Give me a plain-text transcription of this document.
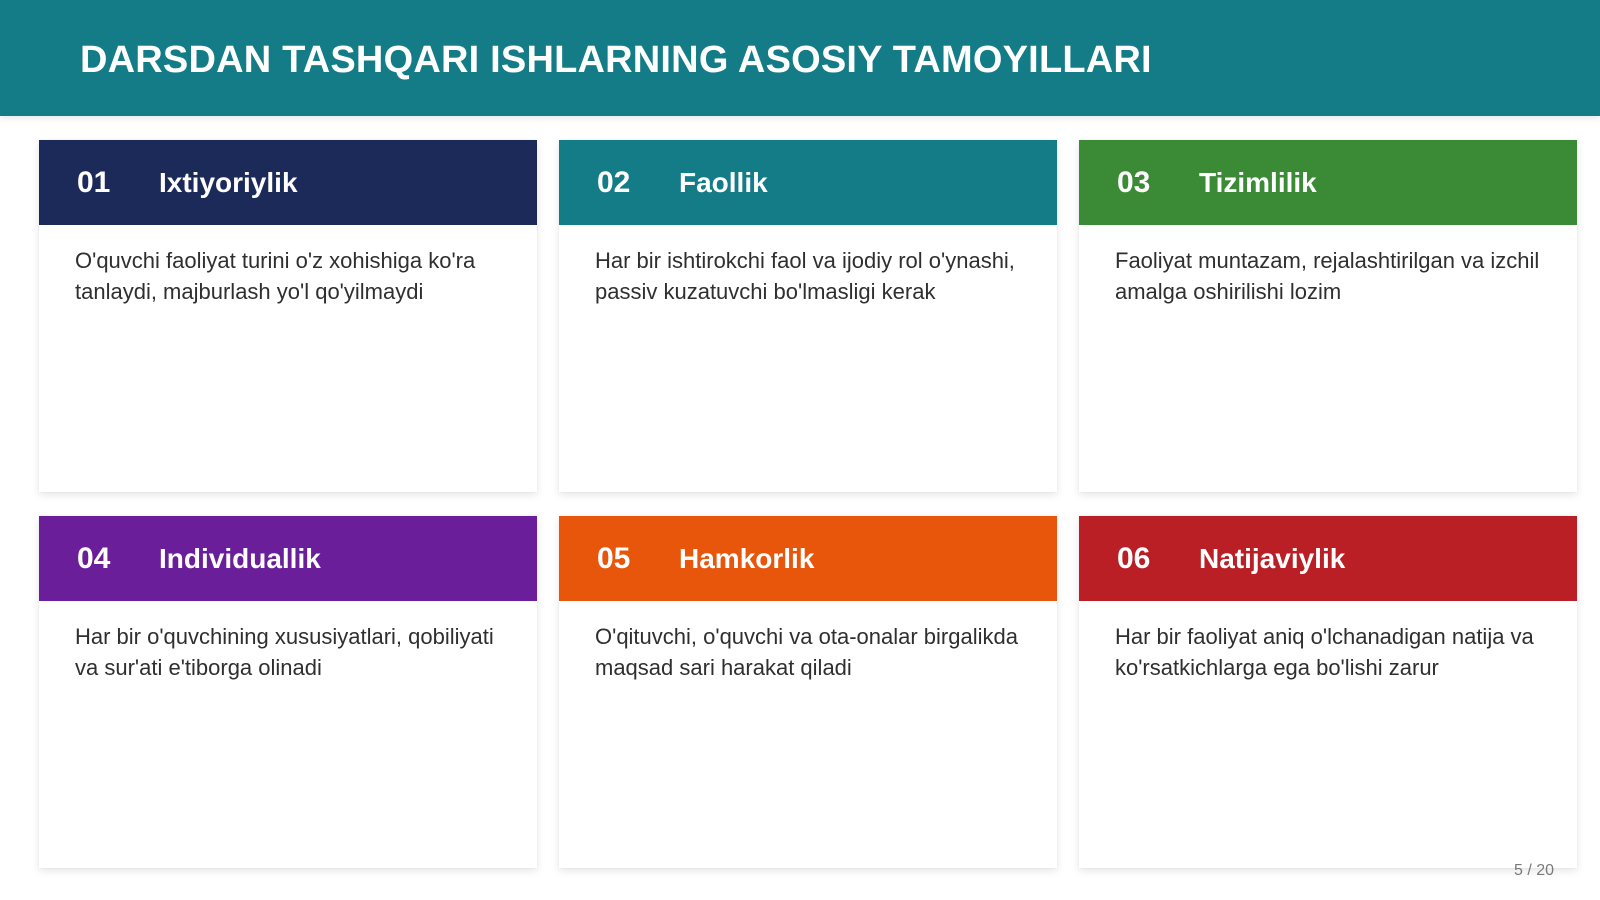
DARSDAN TASHQARI ISHLARNING ASOSIY TAMOYILLARI
01	Ixtiyoriylik
O'quvchi faoliyat turini o'z xohishiga ko'ra tanlaydi, majburlash yo'l qo'yilmaydi
02	Faollik
Har bir ishtirokchi faol va ijodiy rol o'ynashi, passiv kuzatuvchi bo'lmasligi kerak
03	Tizimlilik
Faoliyat muntazam, rejalashtirilgan va izchil amalga oshirilishi lozim
04	Individuallik
Har bir o'quvchining xususiyatlari, qobiliyati va sur'ati e'tiborga olinadi
05	Hamkorlik
O'qituvchi, o'quvchi va ota-onalar birgalikda maqsad sari harakat qiladi
06	Natijaviylik
Har bir faoliyat aniq o'lchanadigan natija va ko'rsatkichlarga ega bo'lishi zarur
5 / 20
